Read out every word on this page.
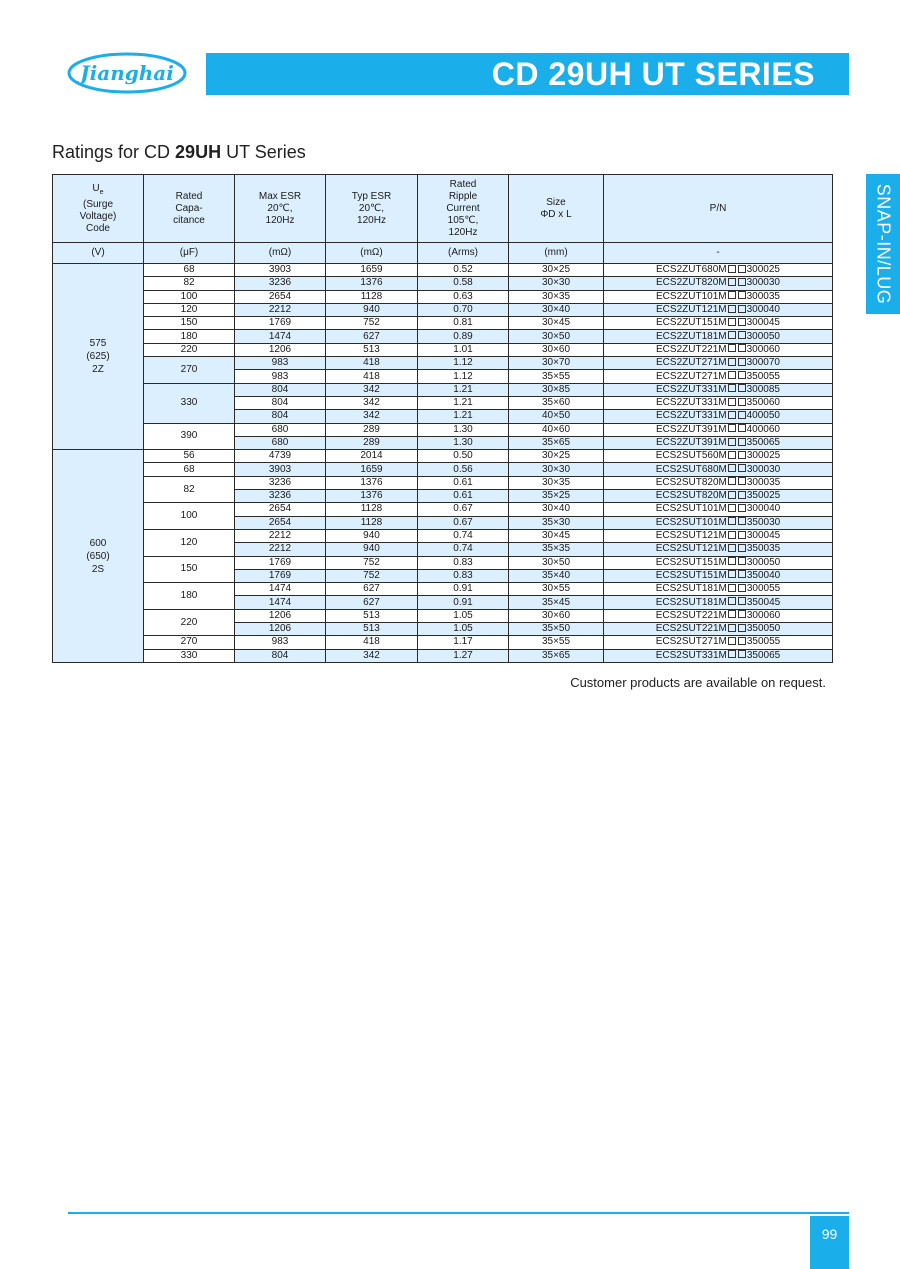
Jianghai	CD 29UH UT SERIES
SNAP-IN/LUG
Ratings for CD 29UH UT Series
$U_e$
(Surge
Voltage)
Code	Rated
Capa-
citance	Max ESR
20℃,
120Hz	Typ ESR
20℃,
120Hz	Rated
Ripple
Current
105℃,
120Hz	Size
ΦD x L	P/N
(V)	(μF)	(mΩ)	(mΩ)	(Arms)	(mm)	-
575
(625)
2Z	68	3903	1659	0.52	30×25	ECS2ZUT680M 300025
	82	3236	1376	0.58	30×30	ECS2ZUT820M 300030
	100	2654	1128	0.63	30×35	ECS2ZUT101M 300035
	120	2212	940	0.70	30×40	ECS2ZUT121M 300040
	150	1769	752	0.81	30×45	ECS2ZUT151M 300045
	180	1474	627	0.89	30×50	ECS2ZUT181M 300050
	220	1206	513	1.01	30×60	ECS2ZUT221M 300060
	270	983	418	1.12	30×70	ECS2ZUT271M 300070
		983	418	1.12	35×55	ECS2ZUT271M 350055
	330	804	342	1.21	30×85	ECS2ZUT331M 300085
		804	342	1.21	35×60	ECS2ZUT331M 350060
		804	342	1.21	40×50	ECS2ZUT331M 400050
	390	680	289	1.30	40×60	ECS2ZUT391M 400060
		680	289	1.30	35×65	ECS2ZUT391M 350065
600
(650)
2S	56	4739	2014	0.50	30×25	ECS2SUT560M 300025
	68	3903	1659	0.56	30×30	ECS2SUT680M 300030
	82	3236	1376	0.61	30×35	ECS2SUT820M 300035
		3236	1376	0.61	35×25	ECS2SUT820M 350025
	100	2654	1128	0.67	30×40	ECS2SUT101M 300040
		2654	1128	0.67	35×30	ECS2SUT101M 350030
	120	2212	940	0.74	30×45	ECS2SUT121M 300045
		2212	940	0.74	35×35	ECS2SUT121M 350035
	150	1769	752	0.83	30×50	ECS2SUT151M 300050
		1769	752	0.83	35×40	ECS2SUT151M 350040
	180	1474	627	0.91	30×55	ECS2SUT181M 300055
		1474	627	0.91	35×45	ECS2SUT181M 350045
	220	1206	513	1.05	30×60	ECS2SUT221M 300060
		1206	513	1.05	35×50	ECS2SUT221M 350050
	270	983	418	1.17	35×55	ECS2SUT271M 350055
	330	804	342	1.27	35×65	ECS2SUT331M 350065
Customer products are available on request.
99
